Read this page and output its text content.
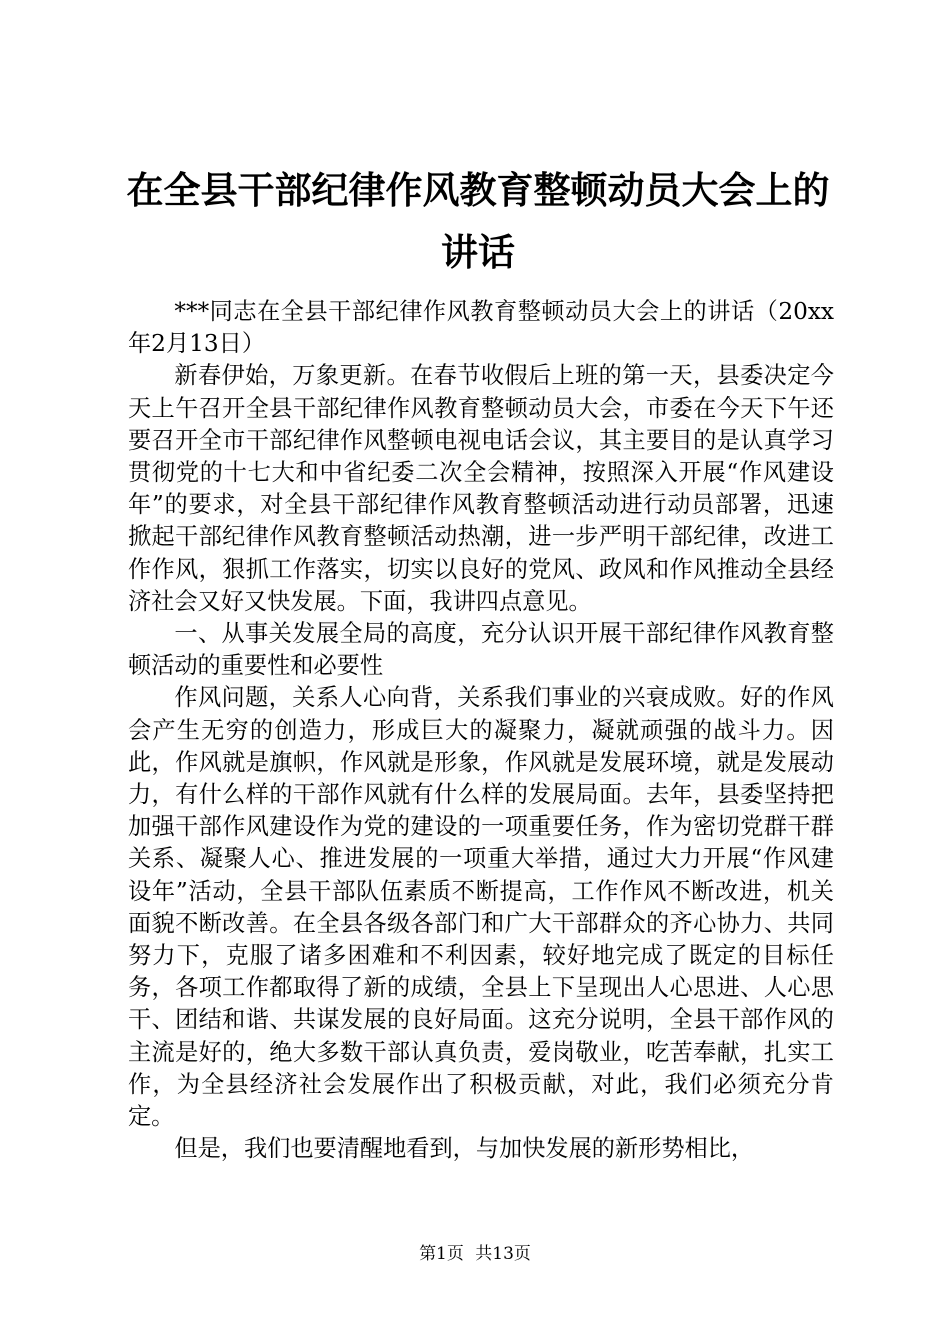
在全县干部纪律作风教育整顿动员大会上的讲话

***同志在全县干部纪律作风教育整顿动员大会上的讲话（20xx年2月13日）

新春伊始，万象更新。在春节收假后上班的第一天，县委决定今天上午召开全县干部纪律作风教育整顿动员大会，市委在今天下午还要召开全市干部纪律作风整顿电视电话会议，其主要目的是认真学习贯彻党的十七大和中省纪委二次全会精神，按照深入开展“作风建设年”的要求，对全县干部纪律作风教育整顿活动进行动员部署，迅速掀起干部纪律作风教育整顿活动热潮，进一步严明干部纪律，改进工作作风，狠抓工作落实，切实以良好的党风、政风和作风推动全县经济社会又好又快发展。下面，我讲四点意见。

一、从事关发展全局的高度，充分认识开展干部纪律作风教育整顿活动的重要性和必要性

作风问题，关系人心向背，关系我们事业的兴衰成败。好的作风会产生无穷的创造力，形成巨大的凝聚力，凝就顽强的战斗力。因此，作风就是旗帜，作风就是形象，作风就是发展环境，就是发展动力，有什么样的干部作风就有什么样的发展局面。去年，县委坚持把加强干部作风建设作为党的建设的一项重要任务，作为密切党群干群关系、凝聚人心、推进发展的一项重大举措，通过大力开展“作风建设年”活动，全县干部队伍素质不断提高，工作作风不断改进，机关面貌不断改善。在全县各级各部门和广大干部群众的齐心协力、共同努力下，克服了诸多困难和不利因素，较好地完成了既定的目标任务，各项工作都取得了新的成绩，全县上下呈现出人心思进、人心思干、团结和谐、共谋发展的良好局面。这充分说明，全县干部作风的主流是好的，绝大多数干部认真负责，爱岗敬业，吃苦奉献，扎实工作，为全县经济社会发展作出了积极贡献，对此，我们必须充分肯定。

但是，我们也要清醒地看到，与加快发展的新形势相比，

第1页 共13页
